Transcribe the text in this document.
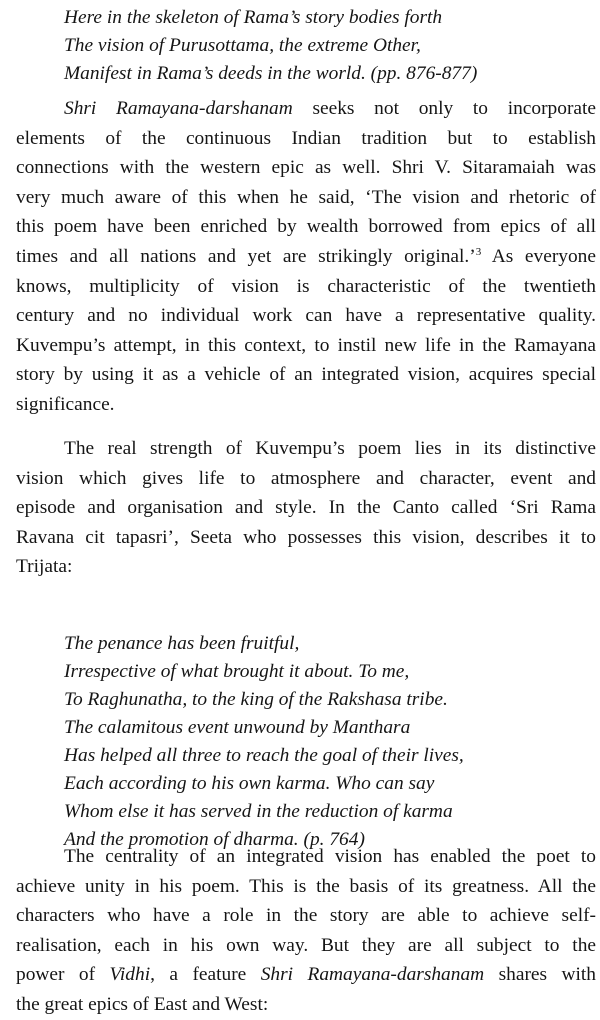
Here in the skeleton of Rama’s story bodies forth
The vision of Purusottama, the extreme Other,
Manifest in Rama’s deeds in the world. (pp. 876-877)
Shri Ramayana-darshanam seeks not only to incorporate
elements of the continuous Indian tradition but to establish
connections with the western epic as well. Shri V. Sitaramaiah was
very much aware of this when he said, ‘The vision and rhetoric of
this poem have been enriched by wealth borrowed from epics of all
times and all nations and yet are strikingly original.’$^3$ As everyone
knows, multiplicity of vision is characteristic of the twentieth
century and no individual work can have a representative quality.
Kuvempu’s attempt, in this context, to instil new life in the Ramayana
story by using it as a vehicle of an integrated vision, acquires special
significance.
The real strength of Kuvempu’s poem lies in its distinctive
vision which gives life to atmosphere and character, event and
episode and organisation and style. In the Canto called ‘Sri Rama
Ravana cit tapasri’, Seeta who possesses this vision, describes it to
Trijata:
The penance has been fruitful,
Irrespective of what brought it about. To me,
To Raghunatha, to the king of the Rakshasa tribe.
The calamitous event unwound by Manthara
Has helped all three to reach the goal of their lives,
Each according to his own karma. Who can say
Whom else it has served in the reduction of karma
And the promotion of dharma. (p. 764)
The centrality of an integrated vision has enabled the poet to
achieve unity in his poem. This is the basis of its greatness. All the
characters who have a role in the story are able to achieve self-
realisation, each in his own way. But they are all subject to the
power of Vidhi, a feature Shri Ramayana-darshanam shares with
the great epics of East and West:
